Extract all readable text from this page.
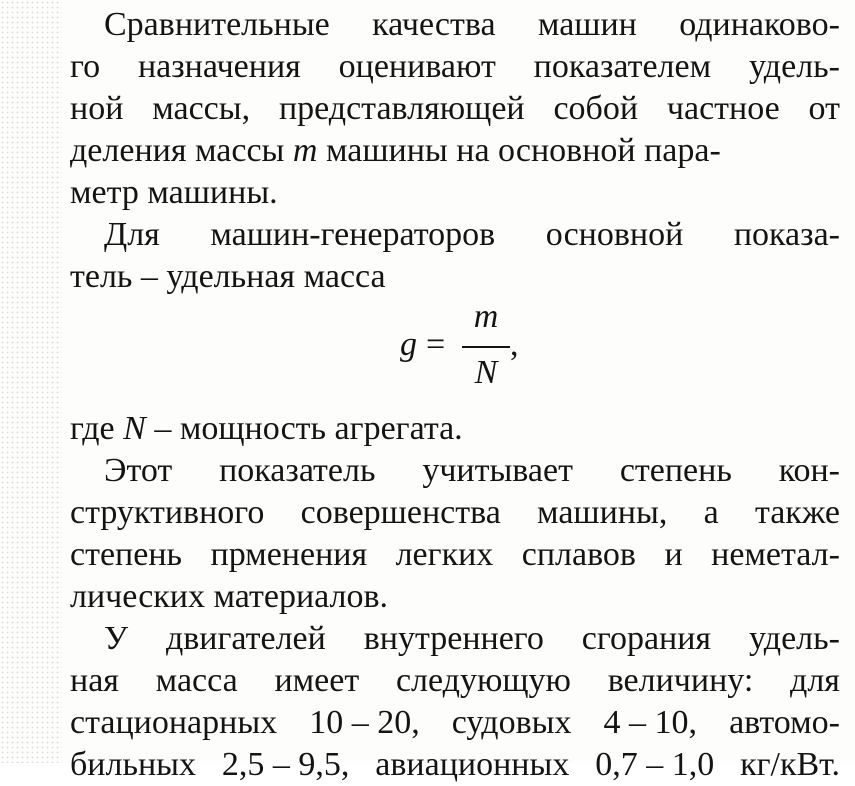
Сравнительные качества машин одинаково-
го назначения оценивают показателем удель-
ной массы, представляющей собой частное от
деления массы m машины на основной пара-
метр машины.
Для машин-генераторов основной показа-
тель – удельная масса
g =
m
N
,
где N – мощность агрегата.
Этот показатель учитывает степень кон-
структивного совершенства машины, а также
степень прменения легких сплавов и неметал-
лических материалов.
У двигателей внутреннего сгорания удель-
ная масса имеет следующую величину: для
стационарных 10 – 20, судовых 4 – 10, автомо-
бильных 2,5 – 9,5, авиационных 0,7 – 1,0 кг/кВт.
